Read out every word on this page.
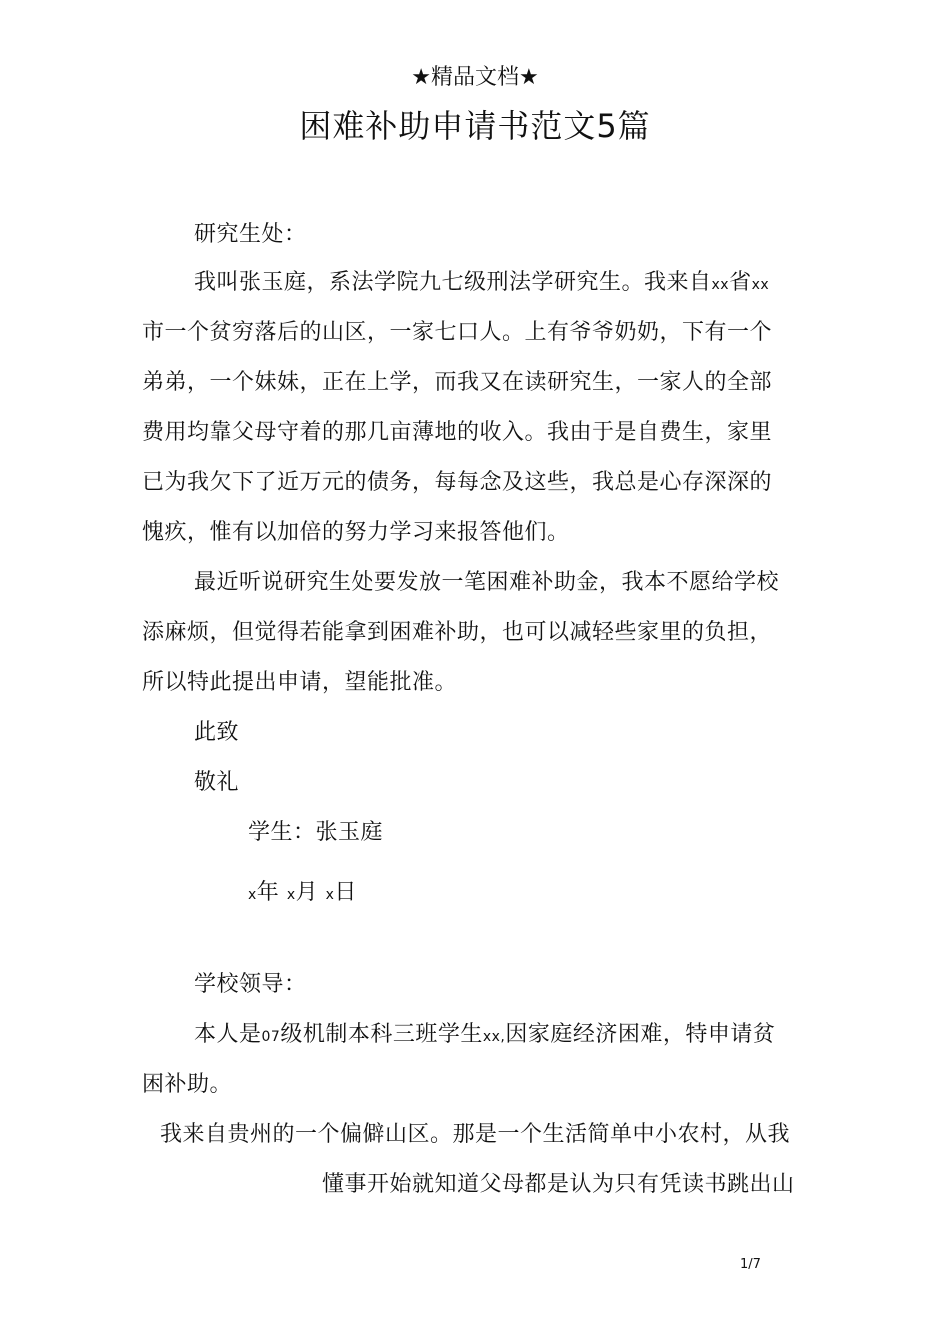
★精品文档★
困难补助申请书范文5篇
研究生处：
我叫张玉庭，系法学院九七级刑法学研究生。我来自xx省xx
市一个贫穷落后的山区，一家七口人。上有爷爷奶奶，下有一个
弟弟，一个妹妹，正在上学，而我又在读研究生，一家人的全部
费用均靠父母守着的那几亩薄地的收入。我由于是自费生，家里
已为我欠下了近万元的债务，每每念及这些，我总是心存深深的
愧疚，惟有以加倍的努力学习来报答他们。
最近听说研究生处要发放一笔困难补助金，我本不愿给学校
添麻烦，但觉得若能拿到困难补助，也可以减轻些家里的负担，
所以特此提出申请，望能批准。
此致
敬礼
学生：张玉庭
x年 x月 x日
学校领导：
本人是07级机制本科三班学生xx,因家庭经济困难，特申请贫
困补助。
我来自贵州的一个偏僻山区。那是一个生活简单中小农村，从我
懂事开始就知道父母都是认为只有凭读书跳出山
1/7
